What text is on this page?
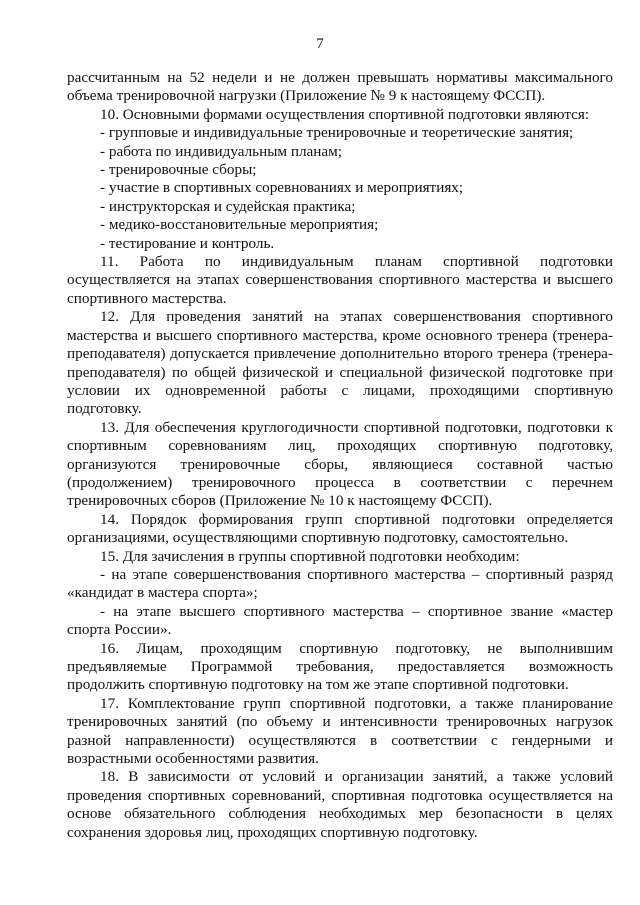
7

рассчитанным на 52 недели и не должен превышать нормативы максимального объема тренировочной нагрузки (Приложение № 9 к настоящему ФССП).

10. Основными формами осуществления спортивной подготовки являются:

- групповые и индивидуальные тренировочные и теоретические занятия;

- работа по индивидуальным планам;

- тренировочные сборы;

- участие в спортивных соревнованиях и мероприятиях;

- инструкторская и судейская практика;

- медико-восстановительные мероприятия;

- тестирование и контроль.

11. Работа по индивидуальным планам спортивной подготовки осуществляется на этапах совершенствования спортивного мастерства и высшего спортивного мастерства.

12. Для проведения занятий на этапах совершенствования спортивного мастерства и высшего спортивного мастерства, кроме основного тренера (тренера-преподавателя) допускается привлечение дополнительно второго тренера (тренера-преподавателя) по общей физической и специальной физической подготовке при условии их одновременной работы с лицами, проходящими спортивную подготовку.

13. Для обеспечения круглогодичности спортивной подготовки, подготовки к спортивным соревнованиям лиц, проходящих спортивную подготовку, организуются тренировочные сборы, являющиеся составной частью (продолжением) тренировочного процесса в соответствии с перечнем тренировочных сборов (Приложение № 10 к настоящему ФССП).

14. Порядок формирования групп спортивной подготовки определяется организациями, осуществляющими спортивную подготовку, самостоятельно.

15. Для зачисления в группы спортивной подготовки необходим:

- на этапе совершенствования спортивного мастерства – спортивный разряд «кандидат в мастера спорта»;

- на этапе высшего спортивного мастерства – спортивное звание «мастер спорта России».

16. Лицам, проходящим спортивную подготовку, не выполнившим предъявляемые Программой требования, предоставляется возможность продолжить спортивную подготовку на том же этапе спортивной подготовки.

17. Комплектование групп спортивной подготовки, а также планирование тренировочных занятий (по объему и интенсивности тренировочных нагрузок разной направленности) осуществляются в соответствии с гендерными и возрастными особенностями развития.

18. В зависимости от условий и организации занятий, а также условий проведения спортивных соревнований, спортивная подготовка осуществляется на основе обязательного соблюдения необходимых мер безопасности в целях сохранения здоровья лиц, проходящих спортивную подготовку.
